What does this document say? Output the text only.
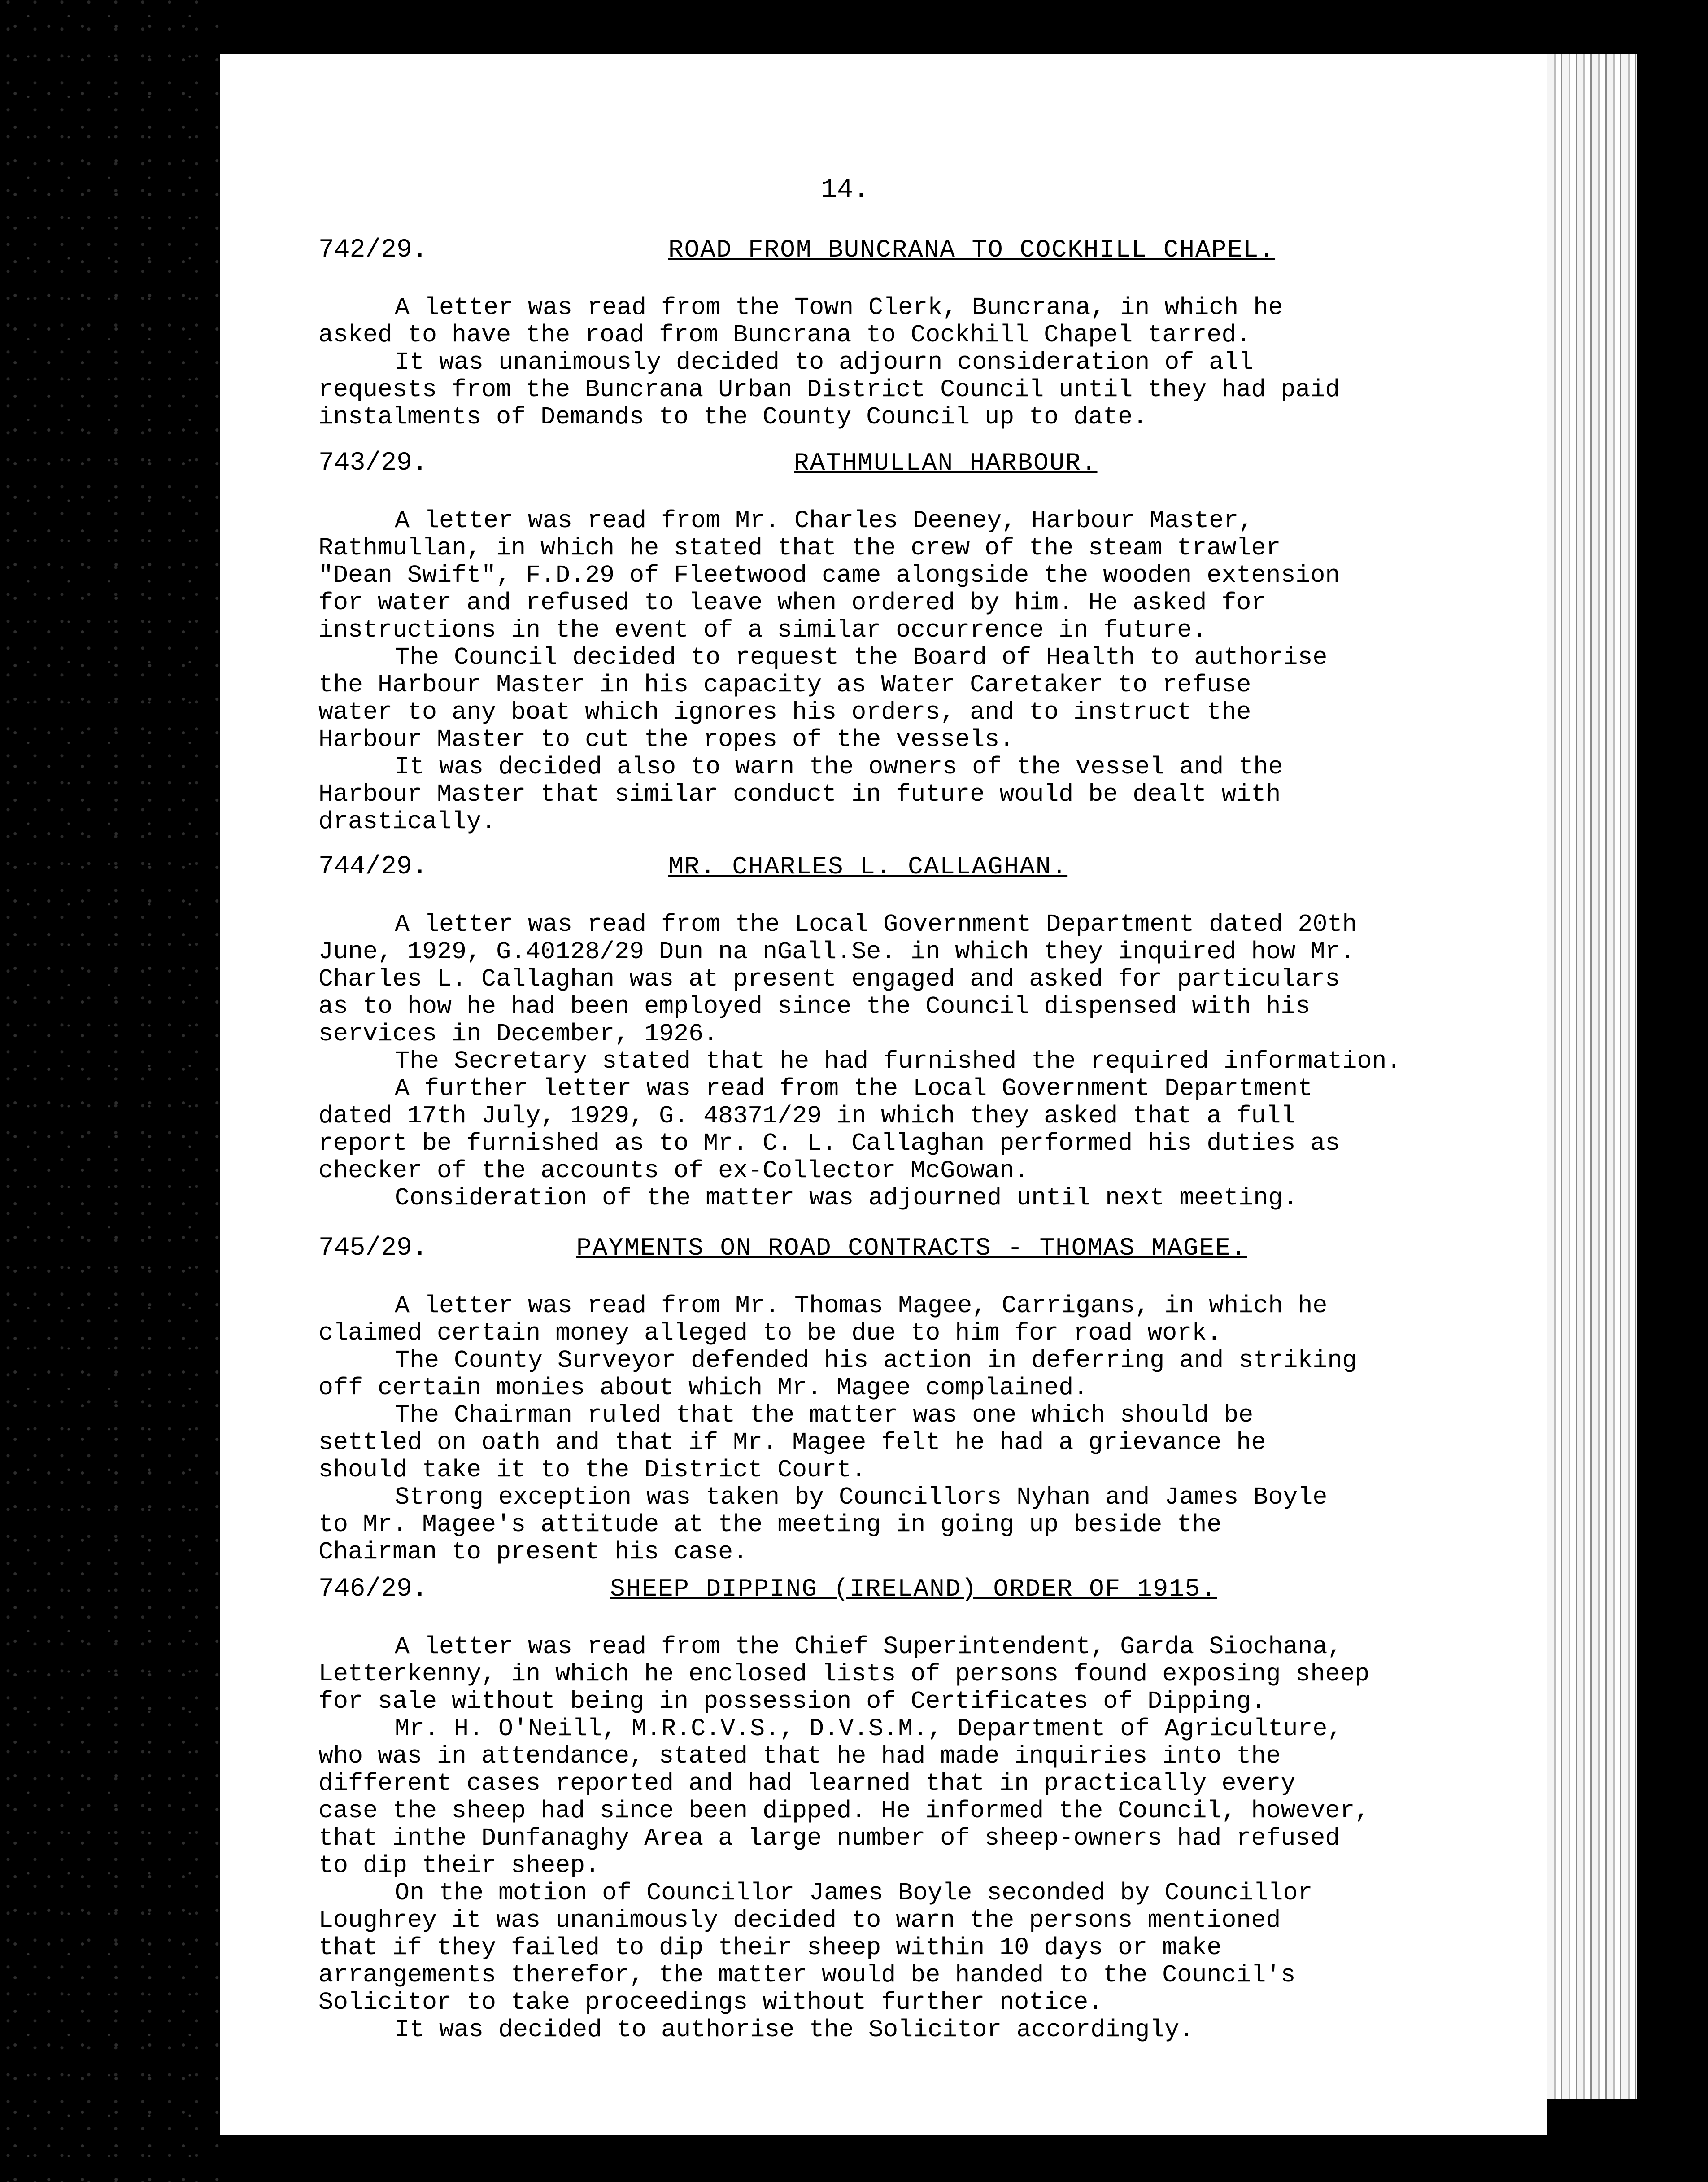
14.
742/29.	ROAD FROM BUNCRANA TO COCKHILL CHAPEL.
A letter was read from the Town Clerk, Buncrana, in which he
asked to have the road from Buncrana to Cockhill Chapel tarred.
It was unanimously decided to adjourn consideration of all
requests from the Buncrana Urban District Council until they had paid
instalments of Demands to the County Council up to date.
743/29.	RATHMULLAN HARBOUR.
A letter was read from Mr. Charles Deeney, Harbour Master,
Rathmullan, in which he stated that the crew of the steam trawler
"Dean Swift", F.D.29 of Fleetwood came alongside the wooden extension
for water and refused to leave when ordered by him. He asked for
instructions in the event of a similar occurrence in future.
The Council decided to request the Board of Health to authorise
the Harbour Master in his capacity as Water Caretaker to refuse
water to any boat which ignores his orders, and to instruct the
Harbour Master to cut the ropes of the vessels.
It was decided also to warn the owners of the vessel and the
Harbour Master that similar conduct in future would be dealt with
drastically.
744/29.	MR. CHARLES L. CALLAGHAN.
A letter was read from the Local Government Department dated 20th
June, 1929, G.40128/29 Dun na nGall.Se. in which they inquired how Mr.
Charles L. Callaghan was at present engaged and asked for particulars
as to how he had been employed since the Council dispensed with his
services in December, 1926.
The Secretary stated that he had furnished the required information.
A further letter was read from the Local Government Department
dated 17th July, 1929, G. 48371/29 in which they asked that a full
report be furnished as to Mr. C. L. Callaghan performed his duties as
checker of the accounts of ex-Collector McGowan.
Consideration of the matter was adjourned until next meeting.
745/29.	PAYMENTS ON ROAD CONTRACTS - THOMAS MAGEE.
A letter was read from Mr. Thomas Magee, Carrigans, in which he
claimed certain money alleged to be due to him for road work.
The County Surveyor defended his action in deferring and striking
off certain monies about which Mr. Magee complained.
The Chairman ruled that the matter was one which should be
settled on oath and that if Mr. Magee felt he had a grievance he
should take it to the District Court.
Strong exception was taken by Councillors Nyhan and James Boyle
to Mr. Magee's attitude at the meeting in going up beside the
Chairman to present his case.
746/29.	SHEEP DIPPING (IRELAND) ORDER OF 1915.
A letter was read from the Chief Superintendent, Garda Siochana,
Letterkenny, in which he enclosed lists of persons found exposing sheep
for sale without being in possession of Certificates of Dipping.
Mr. H. O'Neill, M.R.C.V.S., D.V.S.M., Department of Agriculture,
who was in attendance, stated that he had made inquiries into the
different cases reported and had learned that in practically every
case the sheep had since been dipped. He informed the Council, however,
that inthe Dunfanaghy Area a large number of sheep-owners had refused
to dip their sheep.
On the motion of Councillor James Boyle seconded by Councillor
Loughrey it was unanimously decided to warn the persons mentioned
that if they failed to dip their sheep within 10 days or make
arrangements therefor, the matter would be handed to the Council's
Solicitor to take proceedings without further notice.
It was decided to authorise the Solicitor accordingly.
